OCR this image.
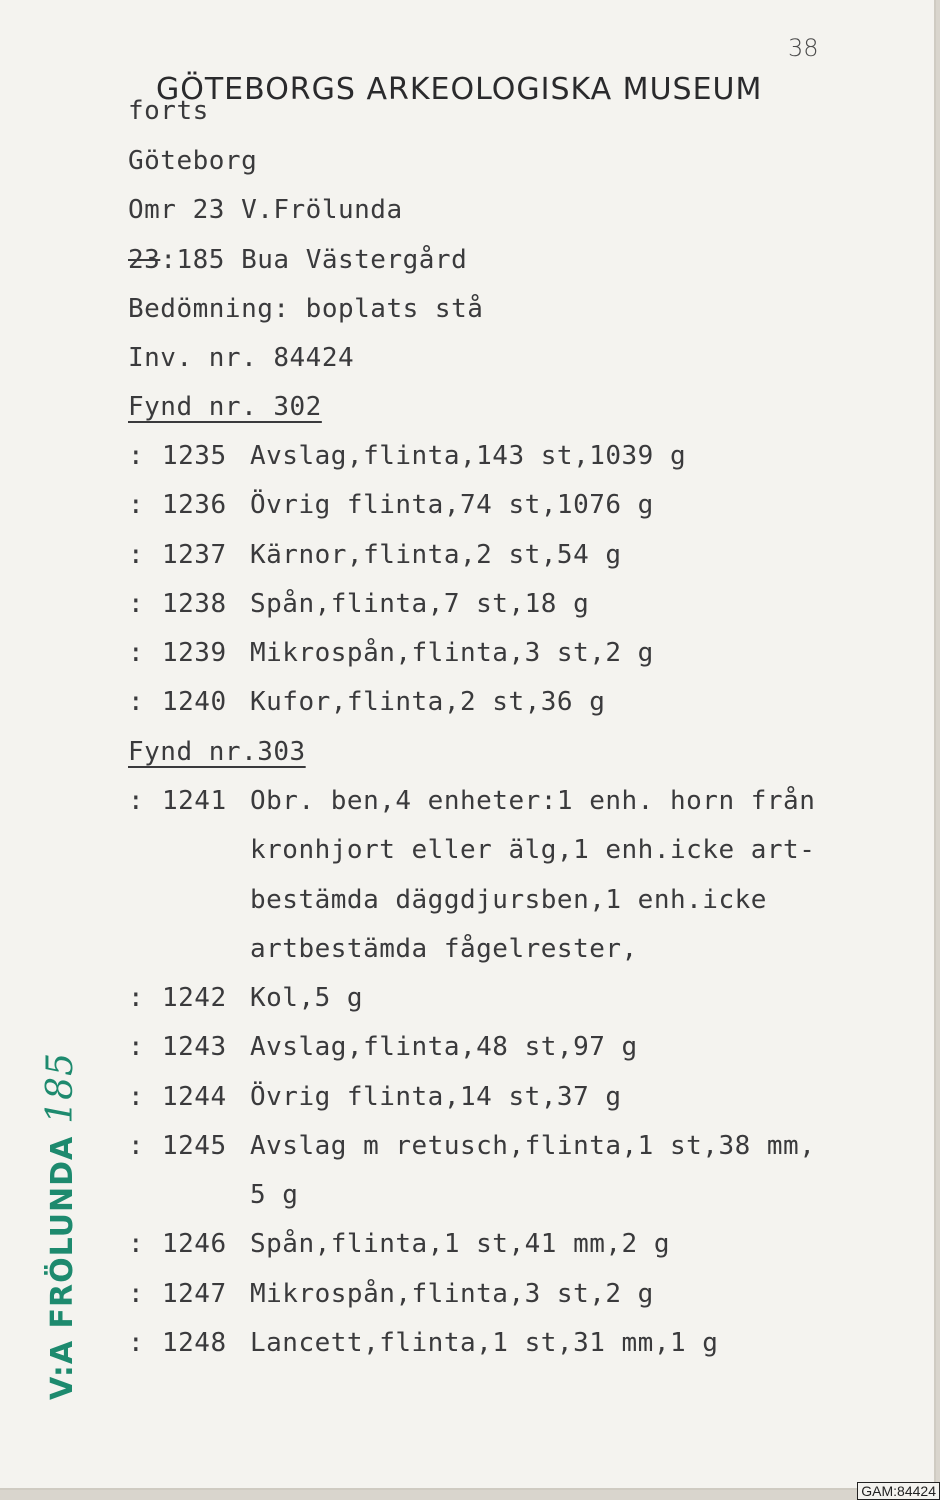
38
GÖTEBORGS ARKEOLOGISKA MUSEUM
forts
Göteborg
Omr 23 V.Frölunda
23:185 Bua Västergård
Bedömning: boplats stå
Inv. nr. 84424
Fynd nr. 302
: 1235 Avslag,flinta,143 st,1039 g
: 1236 Övrig flinta,74 st,1076 g
: 1237 Kärnor,flinta,2 st,54 g
: 1238 Spån,flinta,7 st,18 g
: 1239 Mikrospån,flinta,3 st,2 g
: 1240 Kufor,flinta,2 st,36 g
Fynd nr.303
: 1241 Obr. ben,4 enheter:1 enh. horn från
kronhjort eller älg,1 enh.icke art-
bestämda däggdjursben,1 enh.icke
artbestämda fågelrester,
: 1242 Kol,5 g
: 1243 Avslag,flinta,48 st,97 g
: 1244 Övrig flinta,14 st,37 g
: 1245 Avslag m retusch,flinta,1 st,38 mm,
5 g
: 1246 Spån,flinta,1 st,41 mm,2 g
: 1247 Mikrospån,flinta,3 st,2 g
: 1248 Lancett,flinta,1 st,31 mm,1 g
V:A FRÖLUNDA185
GAM:84424
